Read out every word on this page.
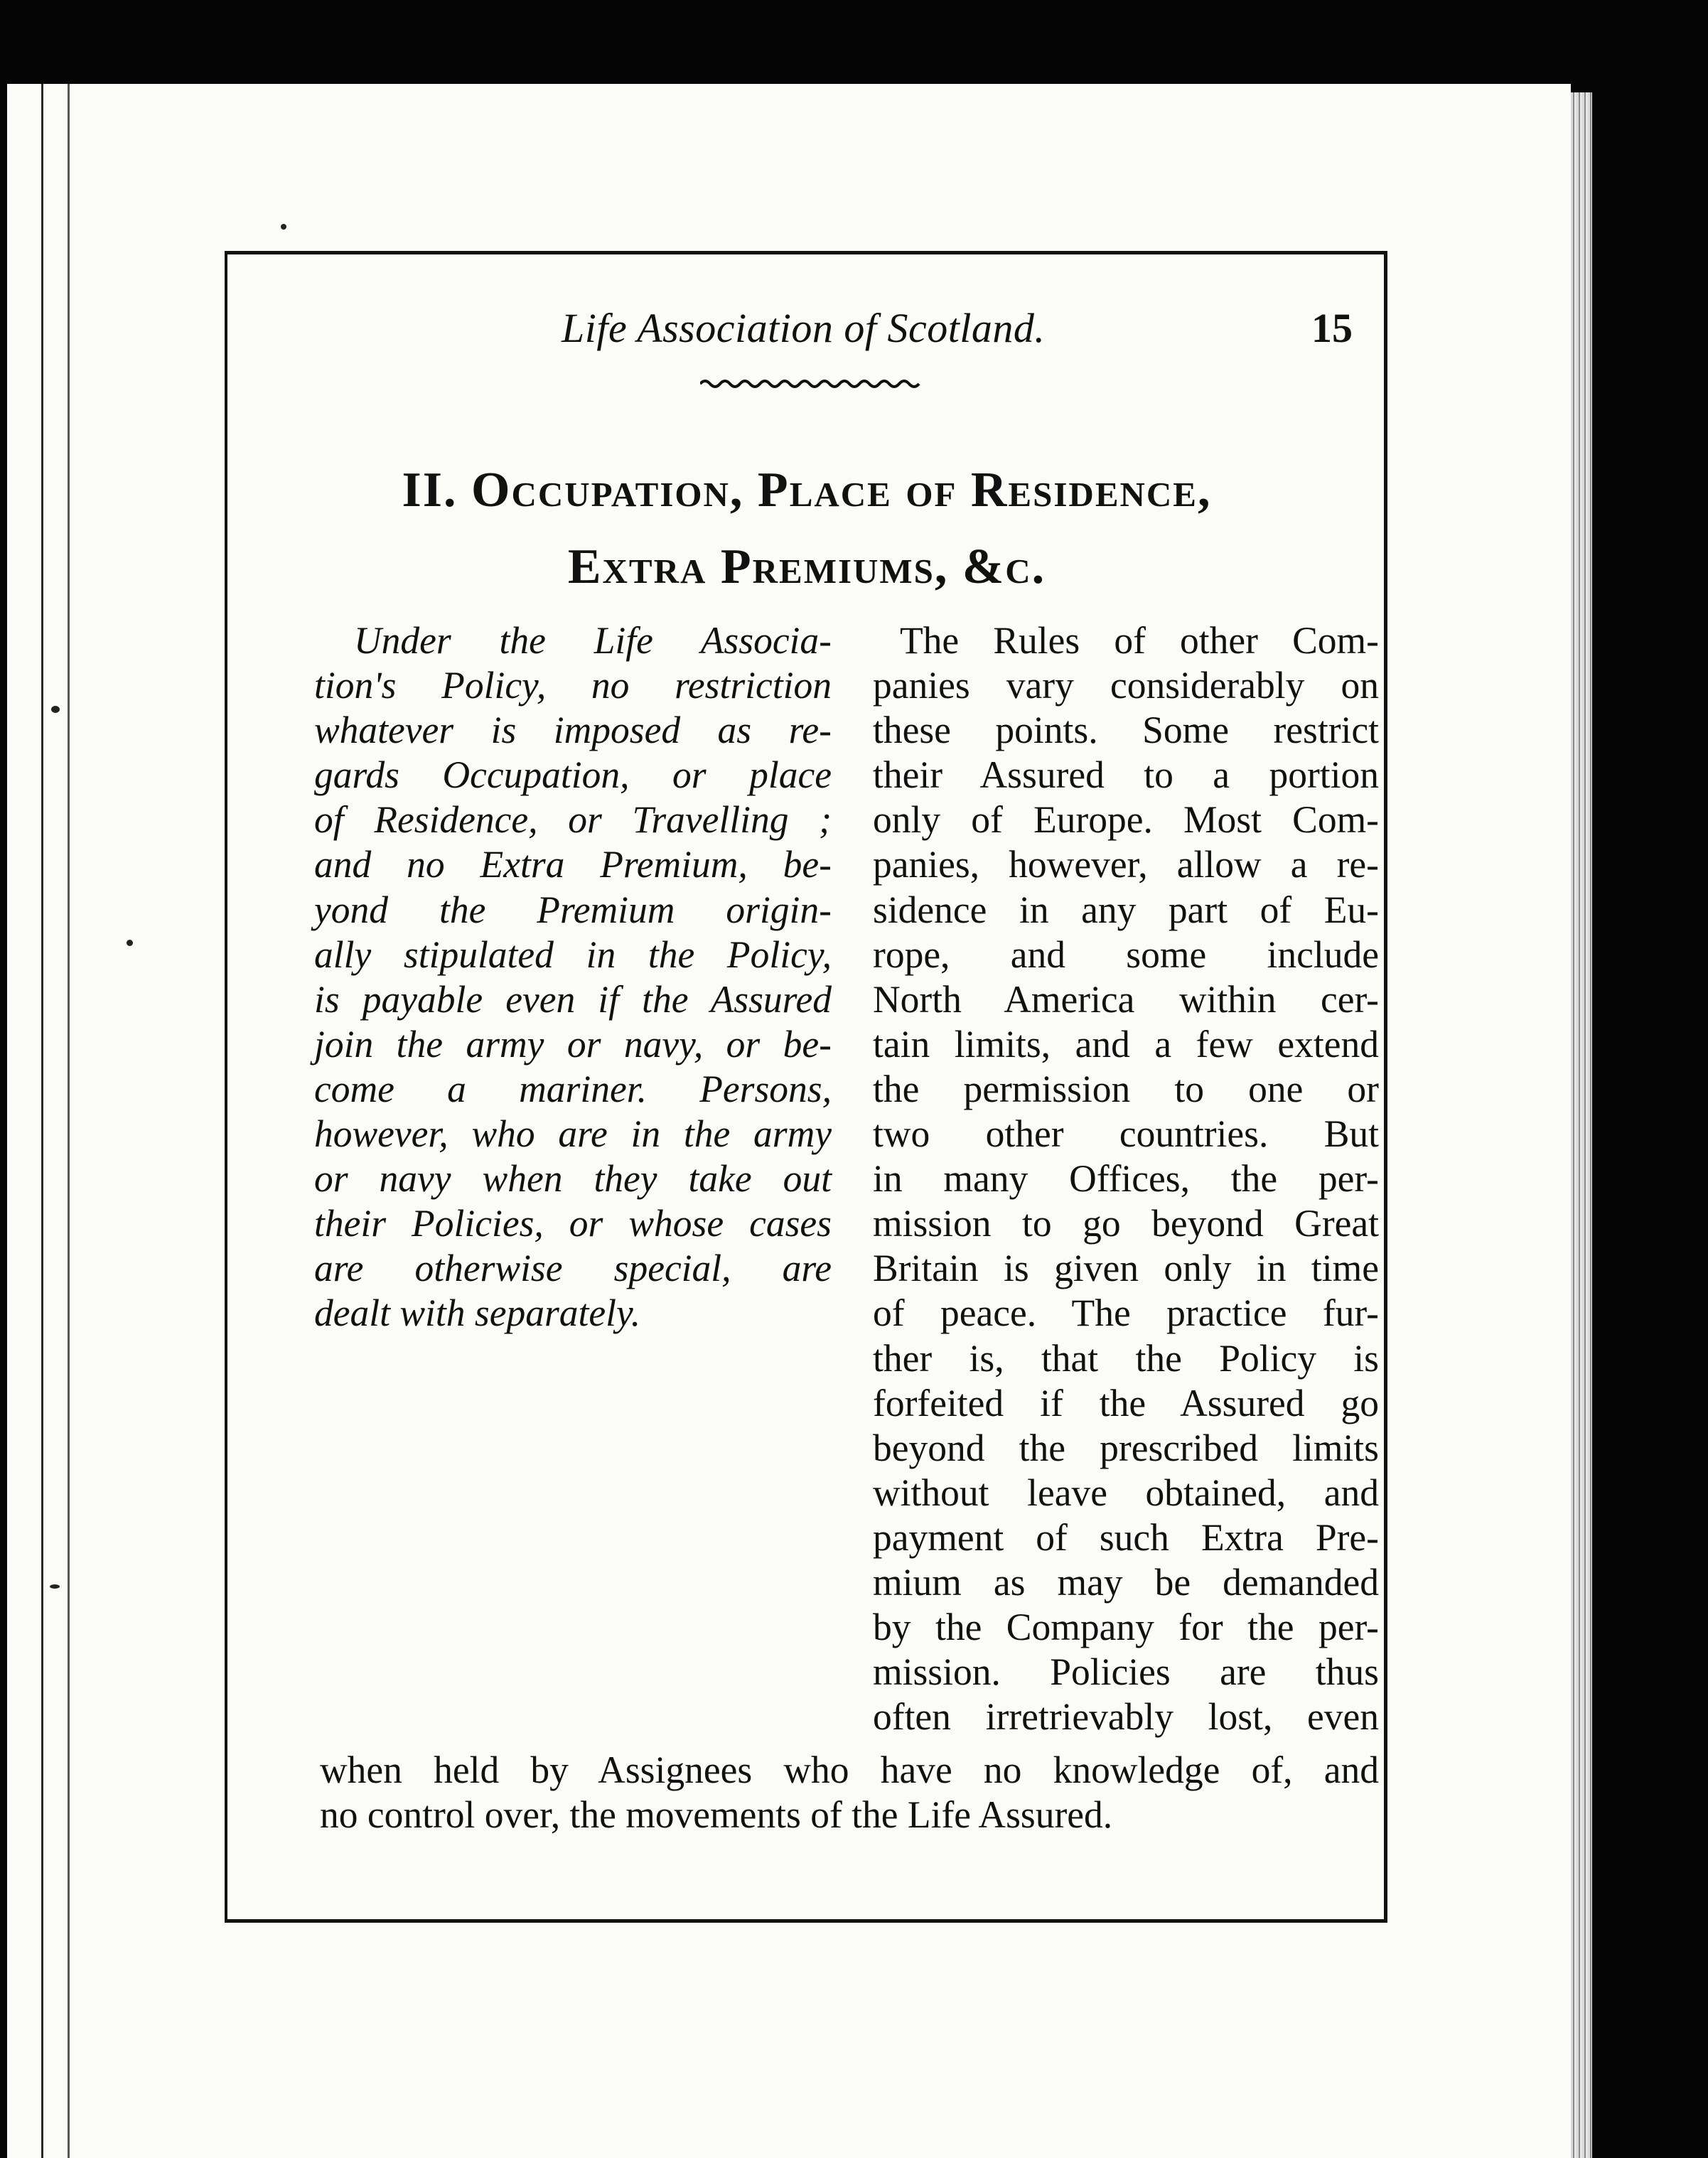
Life Association of Scotland.	15
II. Occupation, Place of Residence,
Extra Premiums, &c.
Under the Life Associa-
tion's Policy, no restriction
whatever is imposed as re-
gards Occupation, or place
of Residence, or Travelling ;
and no Extra Premium, be-
yond the Premium origin-
ally stipulated in the Policy,
is payable even if the Assured
join the army or navy, or be-
come a mariner. Persons,
however, who are in the army
or navy when they take out
their Policies, or whose cases
are otherwise special, are
dealt with separately.
The Rules of other Com-
panies vary considerably on
these points. Some restrict
their Assured to a portion
only of Europe. Most Com-
panies, however, allow a re-
sidence in any part of Eu-
rope, and some include
North America within cer-
tain limits, and a few extend
the permission to one or
two other countries. But
in many Offices, the per-
mission to go beyond Great
Britain is given only in time
of peace. The practice fur-
ther is, that the Policy is
forfeited if the Assured go
beyond the prescribed limits
without leave obtained, and
payment of such Extra Pre-
mium as may be demanded
by the Company for the per-
mission. Policies are thus
often irretrievably lost, even
when held by Assignees who have no knowledge of, and
no control over, the movements of the Life Assured.
